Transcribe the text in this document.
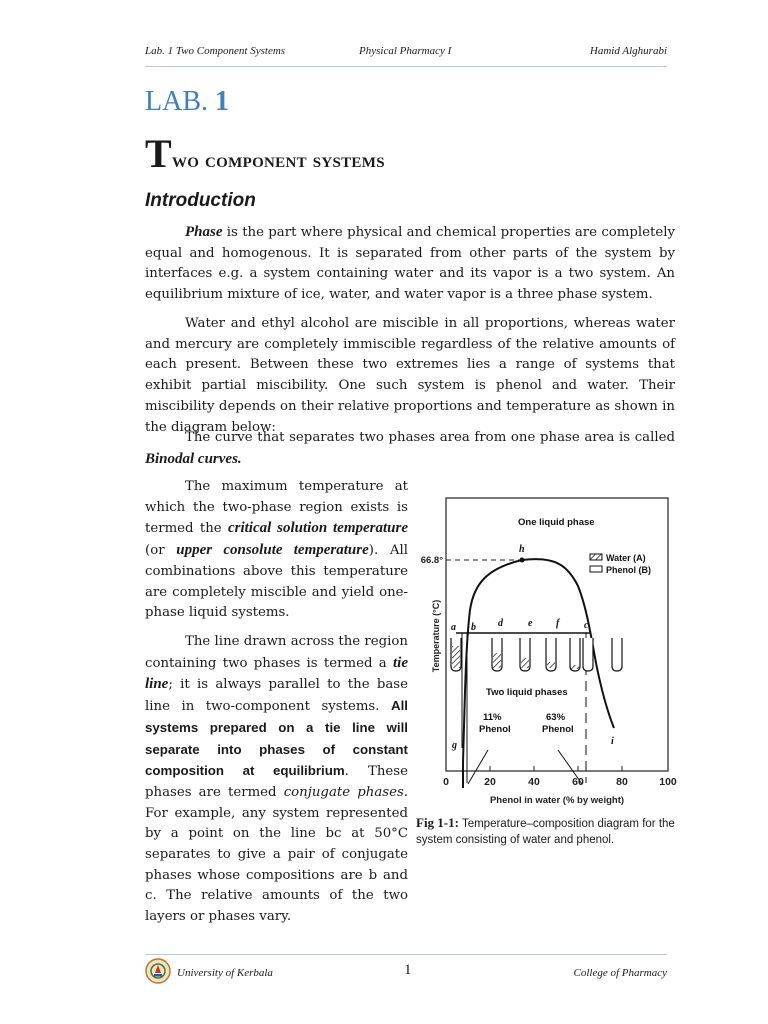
Lab. 1 Two Component Systems	Physical Pharmacy I	Hamid Alghurabi
LAB. 1
Two component systems
Introduction

Phase is the part where physical and chemical properties are completely equal and homogenous. It is separated from other parts of the system by interfaces e.g. a system containing water and its vapor is a two system. An equilibrium mixture of ice, water, and water vapor is a three phase system.

Water and ethyl alcohol are miscible in all proportions, whereas water and mercury are completely immiscible regardless of the relative amounts of each present. Between these two extremes lies a range of systems that exhibit partial miscibility. One such system is phenol and water. Their miscibility depends on their relative proportions and temperature as shown in the diagram below:

The curve that separates two phases area from one phase area is called Binodal curves.

The maximum temperature at which the two-phase region exists is termed the critical solution temperature (or upper consolute temperature). All combinations above this temperature are completely miscible and yield one-phase liquid systems.

The line drawn across the region containing two phases is termed a tie line; it is always parallel to the base line in two-component systems. All systems prepared on a tie line will separate into phases of constant composition at equilibrium. These phases are termed conjugate phases. For example, any system represented by a point on the line bc at 50°C separates to give a pair of conjugate phases whose compositions are b and c. The relative amounts of the two layers or phases vary.

0	20	40	60	80	100
Phenol in water (% by weight)
Temperature (°C)
66.8°
a b d	e f c
h
g	i
One liquid phase
Two liquid phases
11%
Phenol
63%
Phenol
Water (A)
Phenol (B)
Fig 1-1: Temperature–composition diagram for the system consisting of water and phenol.
University of Kerbala	1	College of Pharmacy
